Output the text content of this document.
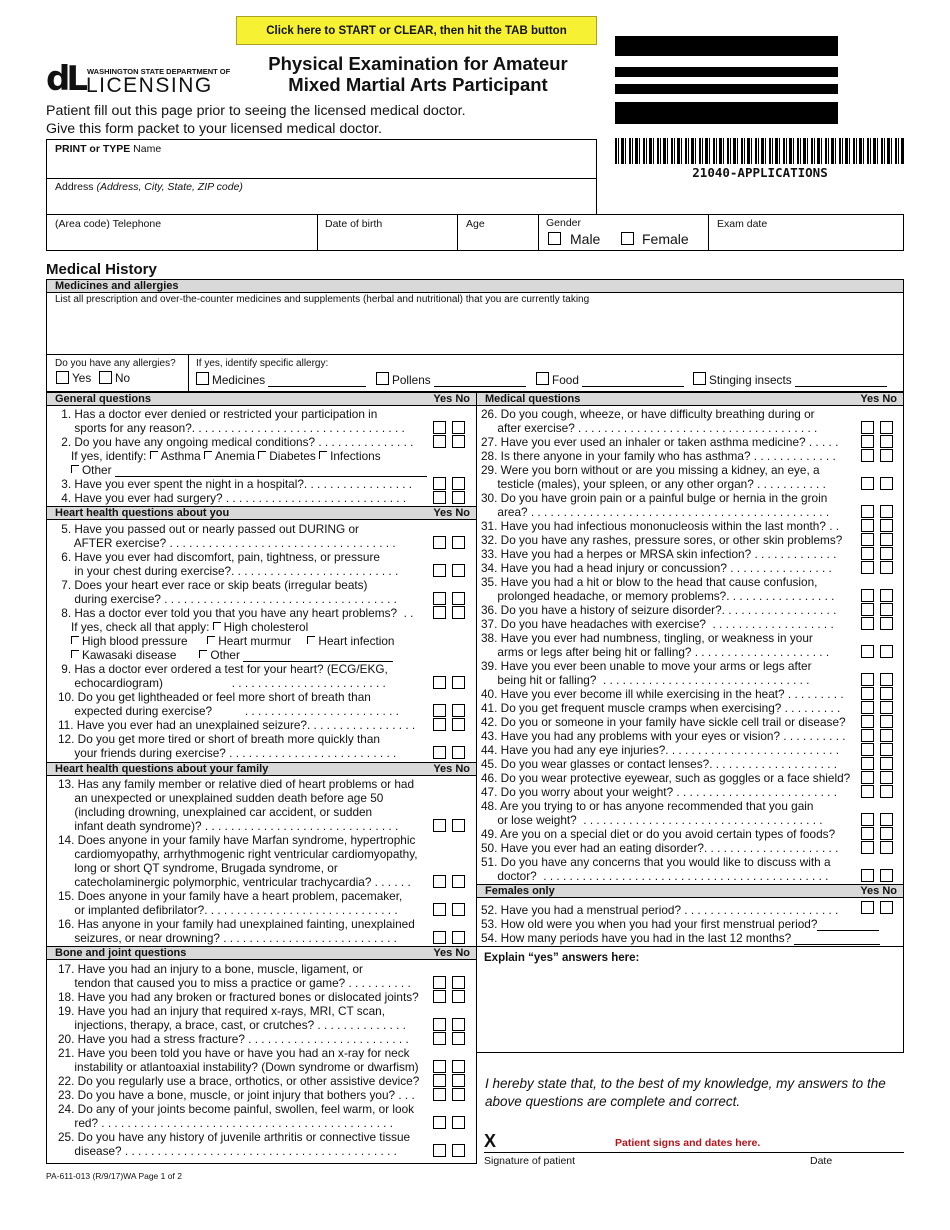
Click here to START or CLEAR, then hit the TAB button
dL WASHINGTON STATE DEPARTMENT OF
LICENSING
Physical Examination for Amateur
Mixed Martial Arts Participant
Patient fill out this page prior to seeing the licensed medical doctor.
Give this form packet to your licensed medical doctor.
21040-APPLICATIONS
PRINT or TYPE Name
Address (Address, City, State, ZIP code)
(Area code) Telephone	Date of birth	Age	Gender
Male	Female
Exam date
Medical History
Medicines and allergies
List all prescription and over-the-counter medicines and supplements (herbal and nutritional) that you are currently taking
Do you have any allergies?
Yes No
If yes, identify specific allergy:
Medicines	Pollens	Food	Stinging insects
General questions	Yes No
1. Has a doctor ever denied or restricted your participation in
sports for any reason?. . . . . . . . . . . . . . . . . . . . . . . . . . . . . . . . .
2. Do you have any ongoing medical conditions? . . . . . . . . . . . . . . .
If yes, identify: Asthma Anemia Diabetes Infections
Other
3. Have you ever spent the night in a hospital?. . . . . . . . . . . . . . . . .
4. Have you ever had surgery? . . . . . . . . . . . . . . . . . . . . . . . . . . . .
Heart health questions about you	Yes No
5. Have you passed out or nearly passed out DURING or
AFTER exercise? . . . . . . . . . . . . . . . . . . . . . . . . . . . . . . . . . . .
6. Have you ever had discomfort, pain, tightness, or pressure
in your chest during exercise?. . . . . . . . . . . . . . . . . . . . . . . . . .
7. Does your heart ever race or skip beats (irregular beats)
during exercise? . . . . . . . . . . . . . . . . . . . . . . . . . . . . . . . . . . . .
8. Has a doctor ever told you that you have any heart problems?  . .
If yes, check all that apply: High cholesterol
High blood pressure	Heart murmur Heart infection
Kawasaki disease	Other
9. Has a doctor ever ordered a test for your heart? (ECG/EKG,
echocardiogram)                     . . . . . . . . . . . . . . . . . . . . . . . .
10. Do you get lightheaded or feel more short of breath than
expected during exercise?          . . . . . . . . . . . . . . . . . . . . . . . .
11. Have you ever had an unexplained seizure?. . . . . . . . . . . . . . . . .
12. Do you get more tired or short of breath more quickly than
your friends during exercise? . . . . . . . . . . . . . . . . . . . . . . . . . .
Heart health questions about your family	Yes No
13. Has any family member or relative died of heart problems or had
an unexpected or unexplained sudden death before age 50
(including drowning, unexplained car accident, or sudden
infant death syndrome)? . . . . . . . . . . . . . . . . . . . . . . . . . . . . . .
14. Does anyone in your family have Marfan syndrome, hypertrophic
cardiomyopathy, arrhythmogenic right ventricular cardiomyopathy,
long or short QT syndrome, Brugada syndrome, or
catecholaminergic polymorphic, ventricular trachycardia? . . . . . .
15. Does anyone in your family have a heart problem, pacemaker,
or implanted defibrilator?. . . . . . . . . . . . . . . . . . . . . . . . . . . . . .
16. Has anyone in your family had unexplained fainting, unexplained
seizures, or near drowning? . . . . . . . . . . . . . . . . . . . . . . . . . . .
Bone and joint questions	Yes No
17. Have you had an injury to a bone, muscle, ligament, or
tendon that caused you to miss a practice or game? . . . . . . . . . .
18. Have you had any broken or fractured bones or dislocated joints?
19. Have you had an injury that required x-rays, MRI, CT scan,
injections, therapy, a brace, cast, or crutches? . . . . . . . . . . . . . .
20. Have you had a stress fracture? . . . . . . . . . . . . . . . . . . . . . . . . .
21. Have you been told you have or have you had an x-ray for neck
instability or atlantoaxial instability? (Down syndrome or dwarfism)
22. Do you regularly use a brace, orthotics, or other assistive device?
23. Do you have a bone, muscle, or joint injury that bothers you? . . .
24. Do any of your joints become painful, swollen, feel warm, or look
red? . . . . . . . . . . . . . . . . . . . . . . . . . . . . . . . . . . . . . . . . . . . . .
25. Do you have any history of juvenile arthritis or connective tissue
disease? . . . . . . . . . . . . . . . . . . . . . . . . . . . . . . . . . . . . . . . . . .
Medical questions	Yes No
26. Do you cough, wheeze, or have difficulty breathing during or
after exercise? . . . . . . . . . . . . . . . . . . . . . . . . . . . . . . . . . . . . .
27. Have you ever used an inhaler or taken asthma medicine? . . . . .
28. Is there anyone in your family who has asthma? . . . . . . . . . . . . .
29. Were you born without or are you missing a kidney, an eye, a
testicle (males), your spleen, or any other organ? . . . . . . . . . . .
30. Do you have groin pain or a painful bulge or hernia in the groin
area? . . . . . . . . . . . . . . . . . . . . . . . . . . . . . . . . . . . . . . . . . . . . . .
31. Have you had infectious mononucleosis within the last month? . .
32. Do you have any rashes, pressure sores, or other skin problems?
33. Have you had a herpes or MRSA skin infection? . . . . . . . . . . . . .
34. Have you had a head injury or concussion? . . . . . . . . . . . . . . . .
35. Have you had a hit or blow to the head that cause confusion,
prolonged headache, or memory problems?. . . . . . . . . . . . . . . . .
36. Do you have a history of seizure disorder?. . . . . . . . . . . . . . . . . .
37. Do you have headaches with exercise?  . . . . . . . . . . . . . . . . . . .
38. Have you ever had numbness, tingling, or weakness in your
arms or legs after being hit or falling? . . . . . . . . . . . . . . . . . . . . .
39. Have you ever been unable to move your arms or legs after
being hit or falling?  . . . . . . . . . . . . . . . . . . . . . . . . . . . . . . . .
40. Have you ever become ill while exercising in the heat? . . . . . . . . .
41. Do you get frequent muscle cramps when exercising? . . . . . . . . .
42. Do you or someone in your family have sickle cell trail or disease?
43. Have you had any problems with your eyes or vision? . . . . . . . . . .
44. Have you had any eye injuries?. . . . . . . . . . . . . . . . . . . . . . . . . . .
45. Do you wear glasses or contact lenses?. . . . . . . . . . . . . . . . . . . .
46. Do you wear protective eyewear, such as goggles or a face shield?
47. Do you worry about your weight? . . . . . . . . . . . . . . . . . . . . . . . . .
48. Are you trying to or has anyone recommended that you gain
or lose weight?  . . . . . . . . . . . . . . . . . . . . . . . . . . . . . . . . . . . . .
49. Are you on a special diet or do you avoid certain types of foods?
50. Have you ever had an eating disorder?. . . . . . . . . . . . . . . . . . . . .
51. Do you have any concerns that you would like to discuss with a
doctor?  . . . . . . . . . . . . . . . . . . . . . . . . . . . . . . . . . . . . . . . . . . . .
Females only	Yes No
52. Have you had a menstrual period? . . . . . . . . . . . . . . . . . . . . . . . .
53. How old were you when you had your first menstrual period?
54. How many periods have you had in the last 12 months?
Explain “yes” answers here:
I hereby state that, to the best of my knowledge, my answers to the
above questions are complete and correct.
X	Patient signs and dates here.
Signature of patient	Date
PA-611-013 (R/9/17)WA Page 1 of 2
